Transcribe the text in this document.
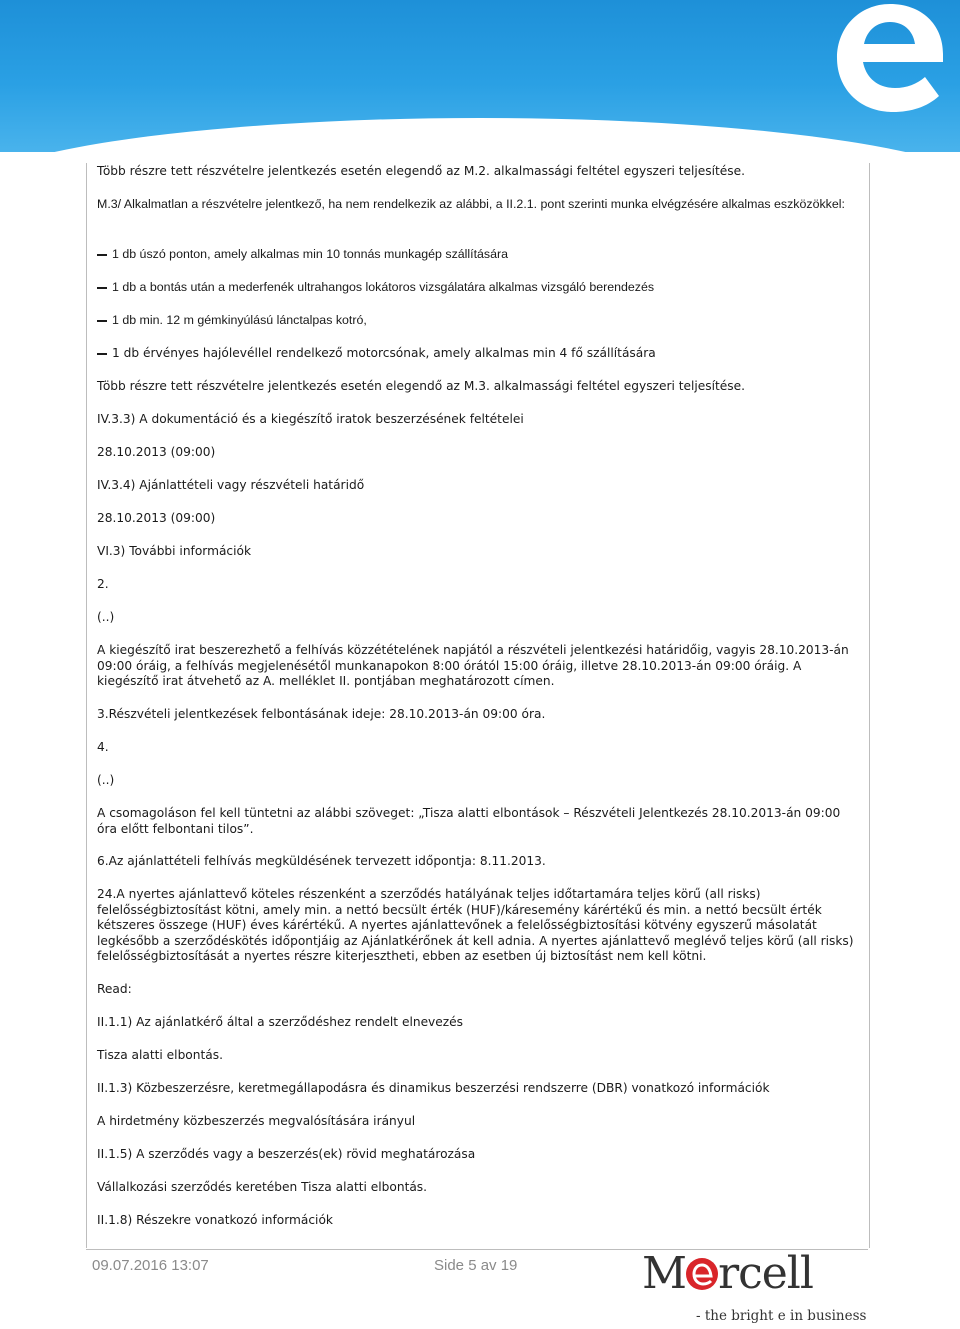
Több részre tett részvételre jelentkezés esetén elegendő az M.2. alkalmassági feltétel egyszeri teljesítése.

M.3/ Alkalmatlan a részvételre jelentkező, ha nem rendelkezik az alábbi, a II.2.1. pont szerinti munka elvégzésére alkalmas eszközökkel:

1 db úszó ponton, amely alkalmas min 10 tonnás munkagép szállítására

1 db a bontás után a mederfenék ultrahangos lokátoros vizsgálatára alkalmas vizsgáló berendezés

1 db min. 12 m gémkinyúlású lánctalpas kotró,

1 db érvényes hajólevéllel rendelkező motorcsónak, amely alkalmas min 4 fő szállítására

Több részre tett részvételre jelentkezés esetén elegendő az M.3. alkalmassági feltétel egyszeri teljesítése.

IV.3.3) A dokumentáció és a kiegészítő iratok beszerzésének feltételei

28.10.2013 (09:00)

IV.3.4) Ajánlattételi vagy részvételi határidő

28.10.2013 (09:00)

VI.3) További információk

2.

(..)

A kiegészítő irat beszerezhető a felhívás közzétételének napjától a részvételi jelentkezési határidőig, vagyis 28.10.2013-án 09:00 óráig, a felhívás megjelenésétől munkanapokon 8:00 órától 15:00 óráig, illetve 28.10.2013-án 09:00 óráig. A kiegészítő irat átvehető az A. melléklet II. pontjában meghatározott címen.

3.Részvételi jelentkezések felbontásának ideje: 28.10.2013-án 09:00 óra.

4.

(..)

A csomagoláson fel kell tüntetni az alábbi szöveget: „Tisza alatti elbontások – Részvételi Jelentkezés 28.10.2013-án 09:00 óra előtt felbontani tilos”.

6.Az ajánlattételi felhívás megküldésének tervezett időpontja: 8.11.2013.

24.A nyertes ajánlattevő köteles részenként a szerződés hatályának teljes időtartamára teljes körű (all risks) felelősségbiztosítást kötni, amely min. a nettó becsült érték (HUF)/káresemény kárértékű és min. a nettó becsült érték kétszeres összege (HUF) éves kárértékű. A nyertes ajánlattevőnek a felelősségbiztosítási kötvény egyszerű másolatát legkésőbb a szerződéskötés időpontjáig az Ajánlatkérőnek át kell adnia. A nyertes ajánlattevő meglévő teljes körű (all risks) felelősségbiztosítását a nyertes részre kiterjesztheti, ebben az esetben új biztosítást nem kell kötni.

Read:

II.1.1) Az ajánlatkérő által a szerződéshez rendelt elnevezés

Tisza alatti elbontás.

II.1.3) Közbeszerzésre, keretmegállapodásra és dinamikus beszerzési rendszerre (DBR) vonatkozó információk

A hirdetmény közbeszerzés megvalósítására irányul

II.1.5) A szerződés vagy a beszerzés(ek) rövid meghatározása

Vállalkozási szerződés keretében Tisza alatti elbontás.

II.1.8) Részekre vonatkozó információk

09.07.2016 13:07	Side 5 av 19	M rcell
- the bright e in business
